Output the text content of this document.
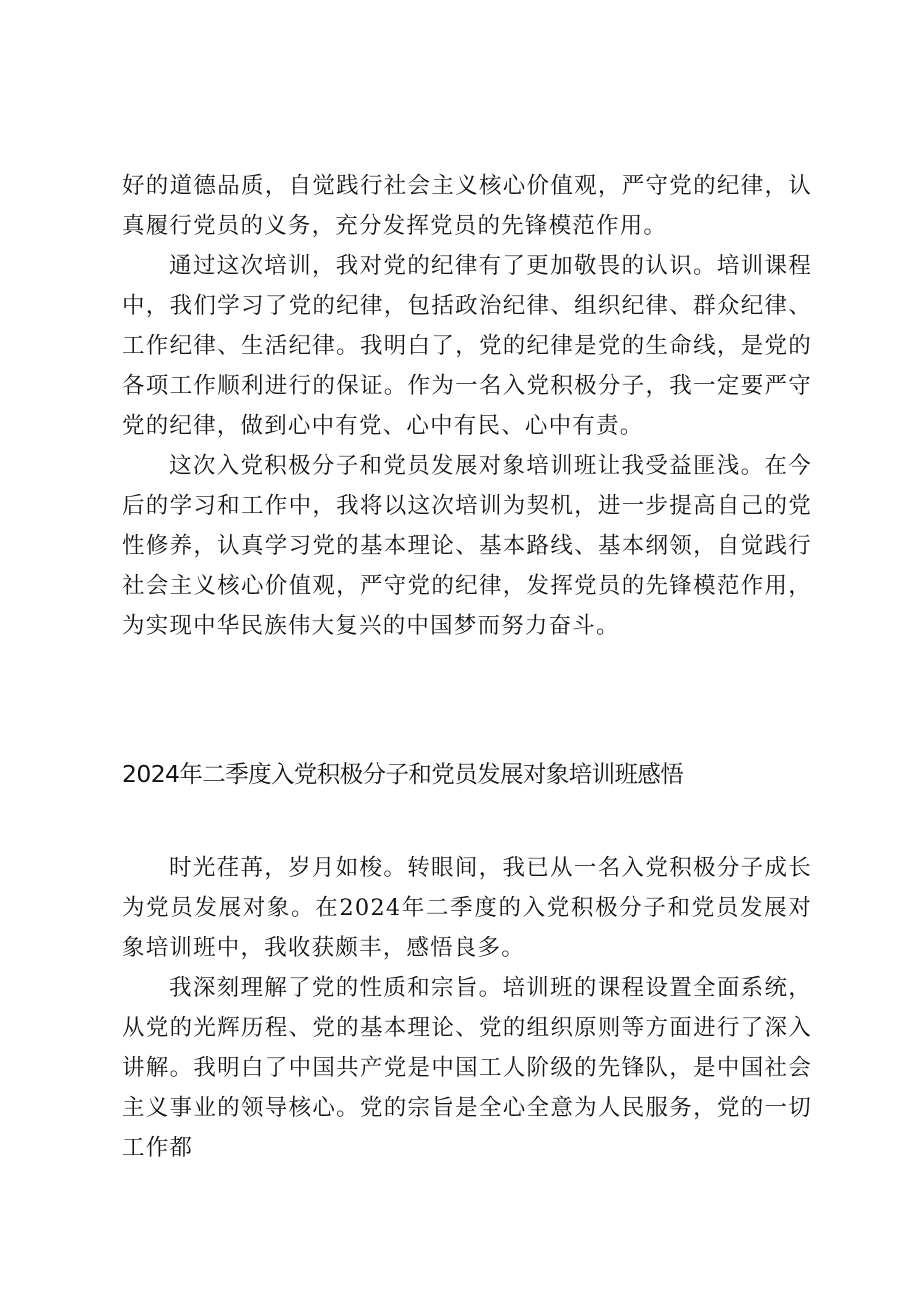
好的道德品质，自觉践行社会主义核心价值观，严守党的纪律，认真履行党员的义务，充分发挥党员的先锋模范作用。

通过这次培训，我对党的纪律有了更加敬畏的认识。培训课程中，我们学习了党的纪律，包括政治纪律、组织纪律、群众纪律、工作纪律、生活纪律。我明白了，党的纪律是党的生命线，是党的各项工作顺利进行的保证。作为一名入党积极分子，我一定要严守党的纪律，做到心中有党、心中有民、心中有责。

这次入党积极分子和党员发展对象培训班让我受益匪浅。在今后的学习和工作中，我将以这次培训为契机，进一步提高自己的党性修养，认真学习党的基本理论、基本路线、基本纲领，自觉践行社会主义核心价值观，严守党的纪律，发挥党员的先锋模范作用，为实现中华民族伟大复兴的中国梦而努力奋斗。

2024年二季度入党积极分子和党员发展对象培训班感悟

时光荏苒，岁月如梭。转眼间，我已从一名入党积极分子成长为党员发展对象。在2024年二季度的入党积极分子和党员发展对象培训班中，我收获颇丰，感悟良多。

我深刻理解了党的性质和宗旨。培训班的课程设置全面系统，从党的光辉历程、党的基本理论、党的组织原则等方面进行了深入讲解。我明白了中国共产党是中国工人阶级的先锋队，是中国社会主义事业的领导核心。党的宗旨是全心全意为人民服务，党的一切工作都
